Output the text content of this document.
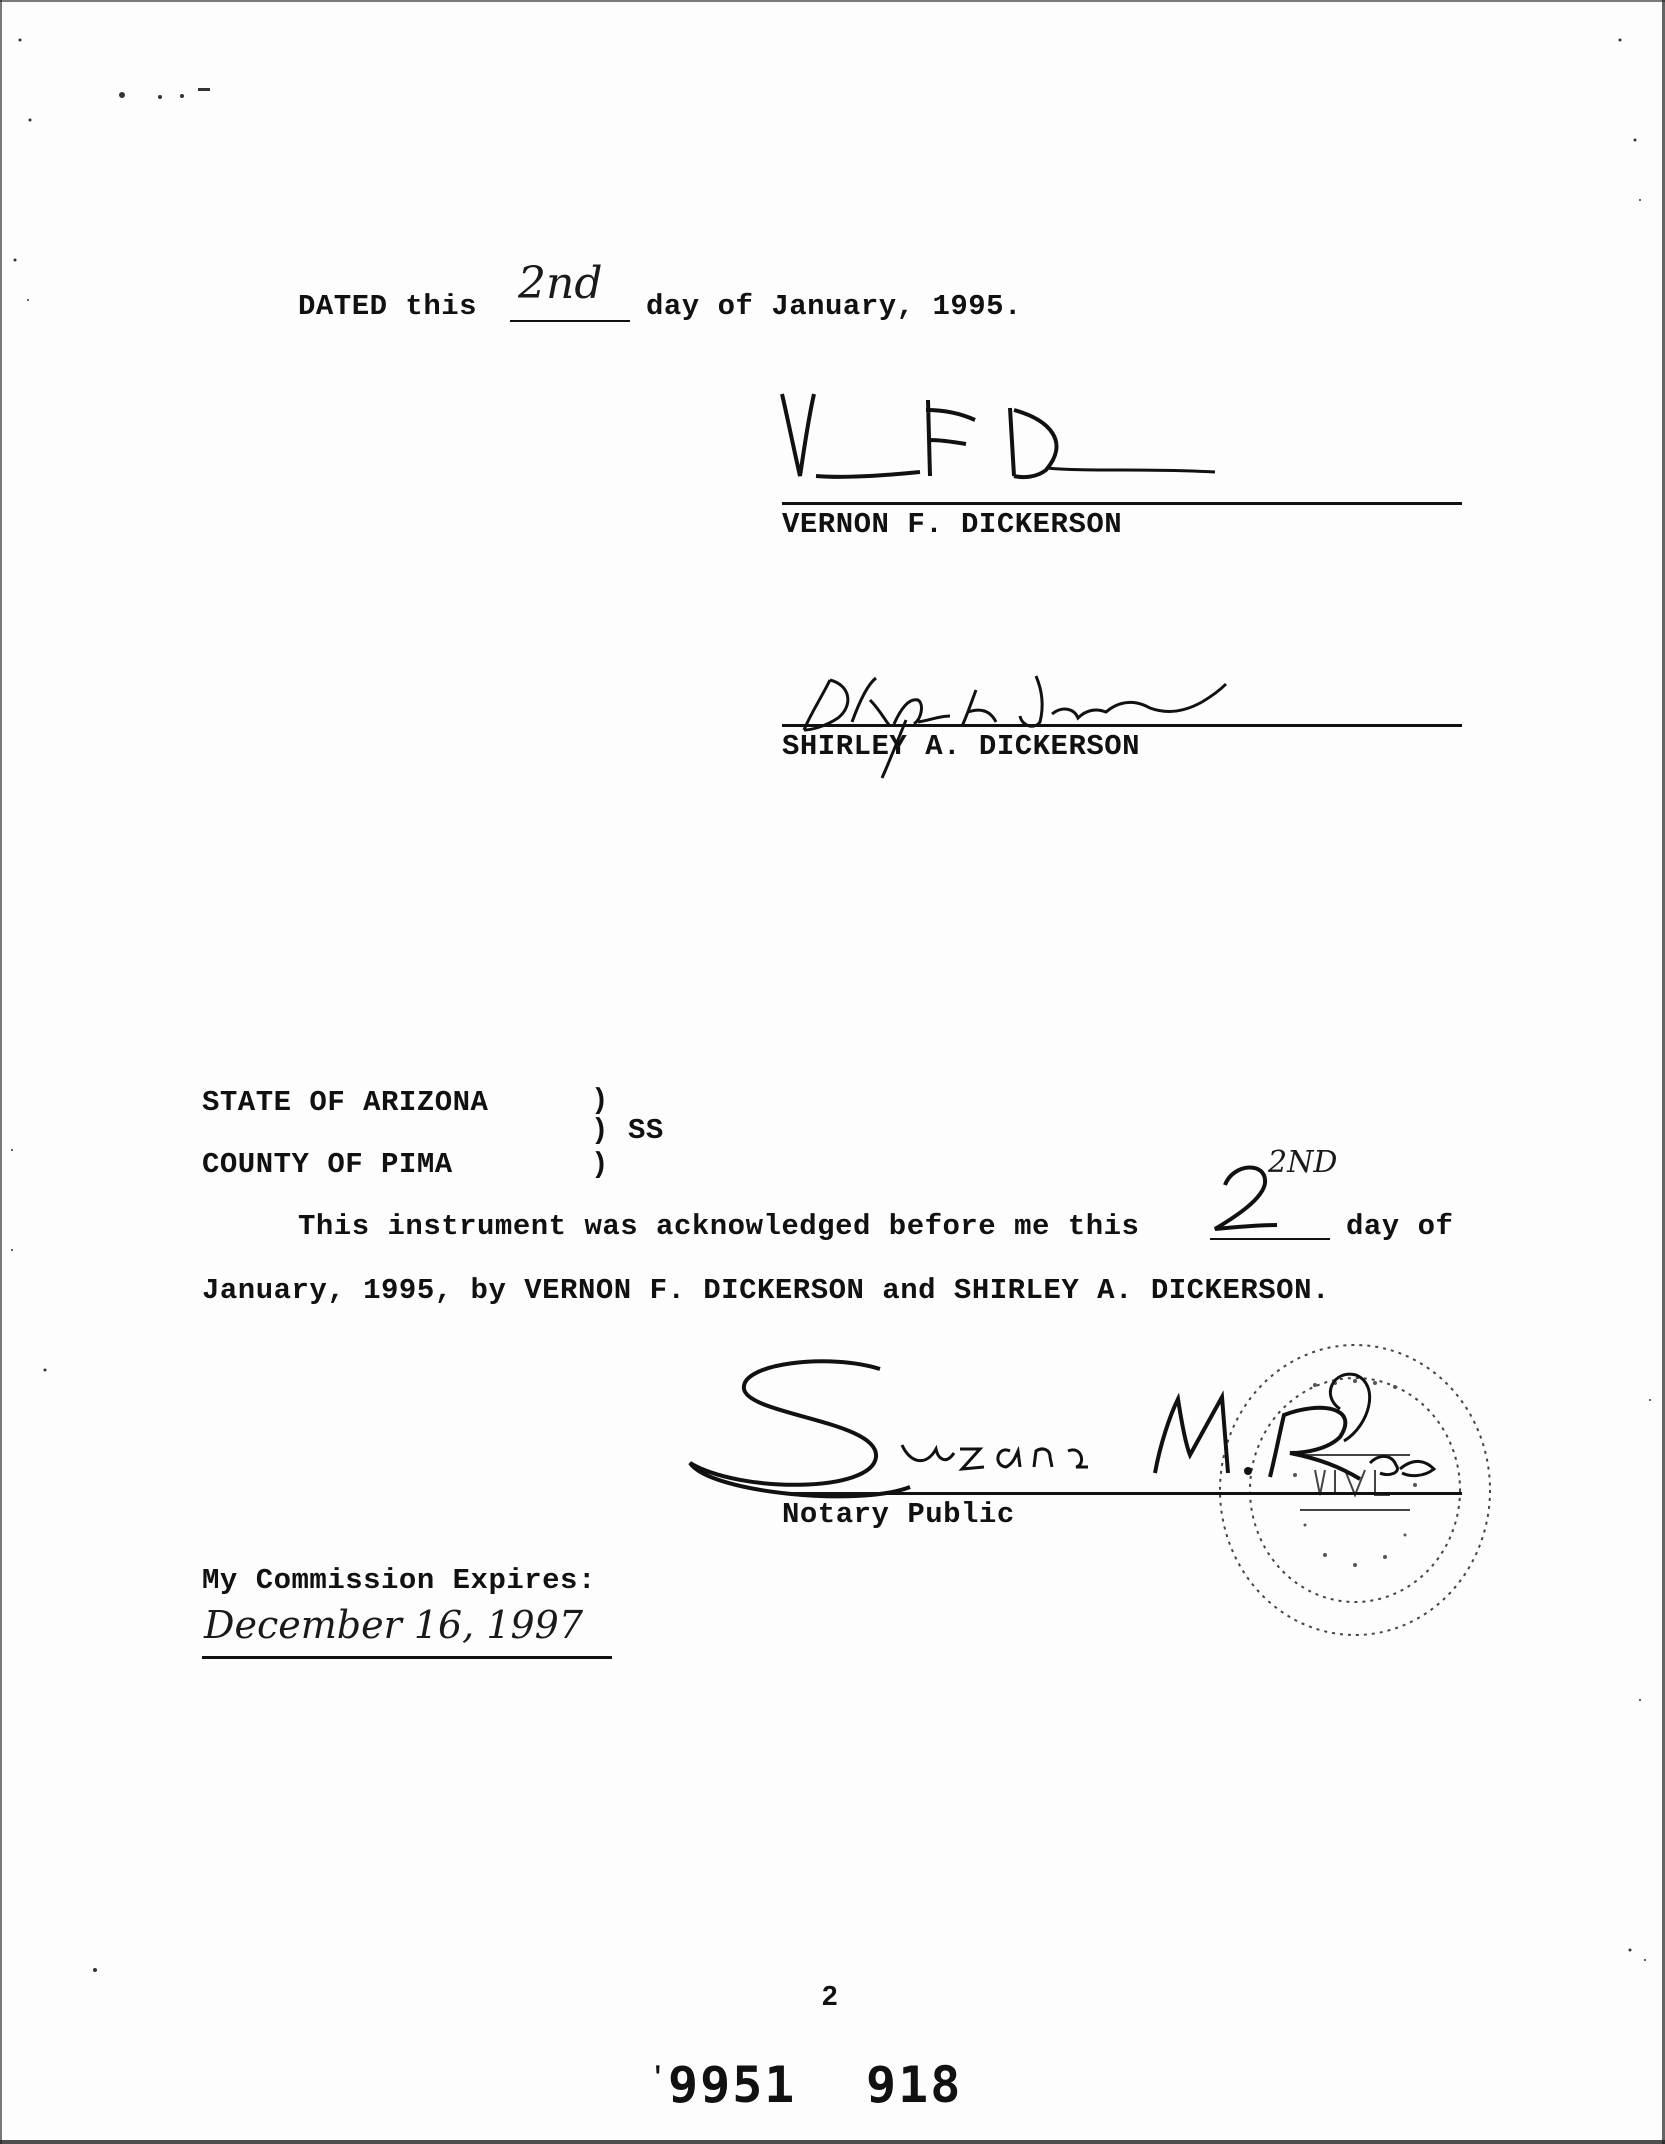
DATED this 2nd day of January, 1995.
VERNON F. DICKERSON
SHIRLEY A. DICKERSON
STATE OF ARIZONA	)
) SS
COUNTY OF PIMA	)
This instrument was acknowledged before me this
2ND
day of
January, 1995, by VERNON F. DICKERSON and SHIRLEY A. DICKERSON.
Notary Public
My Commission Expires:
December 16, 1997
2
′ 9951 918
